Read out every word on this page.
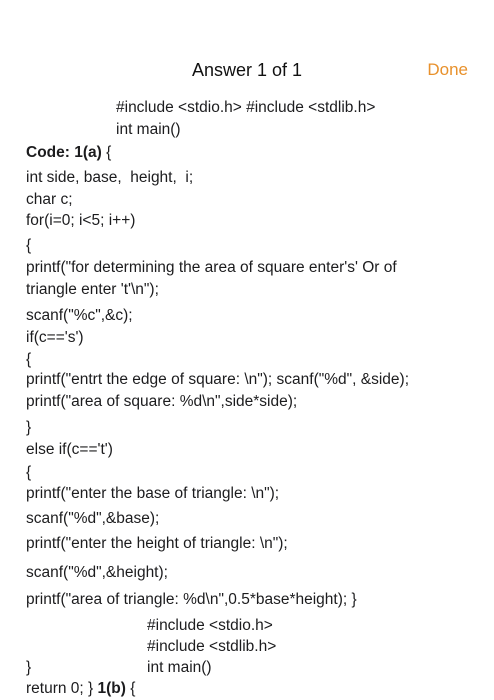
Answer 1 of 1	Done
#include <stdio.h> #include <stdlib.h>
int main()
Code: 1(a) {
int side, base,  height,  i;
char c;
for(i=0; i<5; i++)
{
printf("for determining the area of square enter's' Or of
triangle enter 't'\n");
scanf("%c",&c);
if(c=='s')
{
printf("entrt the edge of square: \n"); scanf("%d", &side);
printf("area of square: %d\n",side*side);
}
else if(c=='t')
{
printf("enter the base of triangle: \n");
scanf("%d",&base);
printf("enter the height of triangle: \n");
scanf("%d",&height);
printf("area of triangle: %d\n",0.5*base*height); }
#include <stdio.h>
#include <stdlib.h>
}	int main()
return 0; } 1(b) {
